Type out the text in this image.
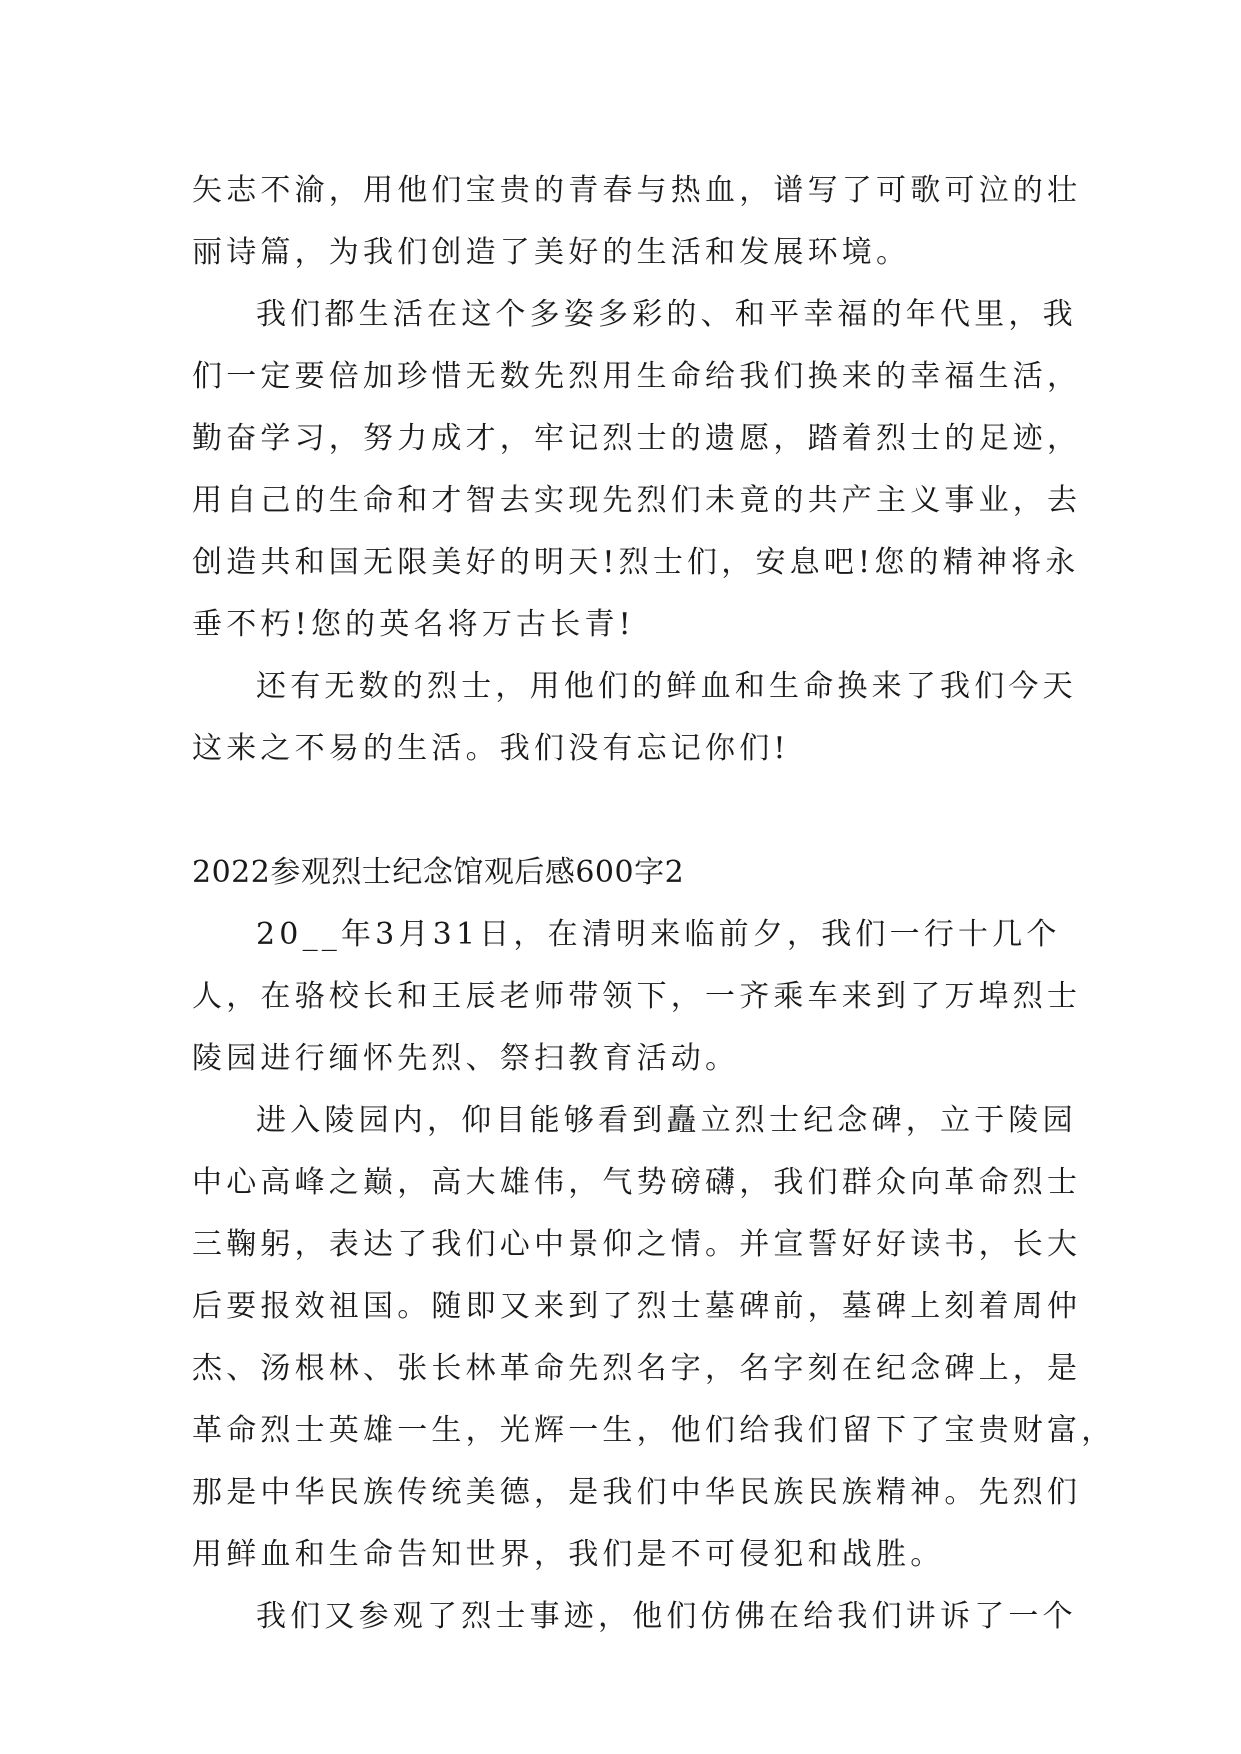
矢志不渝，用他们宝贵的青春与热血，谱写了可歌可泣的壮
丽诗篇，为我们创造了美好的生活和发展环境。
我们都生活在这个多姿多彩的、和平幸福的年代里，我
们一定要倍加珍惜无数先烈用生命给我们换来的幸福生活，
勤奋学习，努力成才，牢记烈士的遗愿，踏着烈士的足迹，
用自己的生命和才智去实现先烈们未竟的共产主义事业，去
创造共和国无限美好的明天!烈士们，安息吧!您的精神将永
垂不朽!您的英名将万古长青!
还有无数的烈士，用他们的鲜血和生命换来了我们今天
这来之不易的生活。我们没有忘记你们!
2022参观烈士纪念馆观后感600字2
20__年3月31日，在清明来临前夕，我们一行十几个
人，在骆校长和王辰老师带领下，一齐乘车来到了万埠烈士
陵园进行缅怀先烈、祭扫教育活动。
进入陵园内，仰目能够看到矗立烈士纪念碑，立于陵园
中心高峰之巅，高大雄伟，气势磅礴，我们群众向革命烈士
三鞠躬，表达了我们心中景仰之情。并宣誓好好读书，长大
后要报效祖国。随即又来到了烈士墓碑前，墓碑上刻着周仲
杰、汤根林、张长林革命先烈名字，名字刻在纪念碑上，是
革命烈士英雄一生，光辉一生，他们给我们留下了宝贵财富，
那是中华民族传统美德，是我们中华民族民族精神。先烈们
用鲜血和生命告知世界，我们是不可侵犯和战胜。
我们又参观了烈士事迹，他们仿佛在给我们讲诉了一个
